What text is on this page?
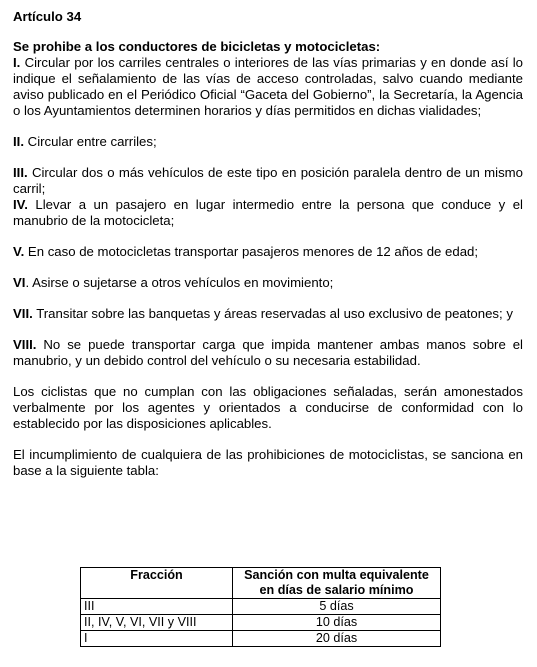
Artículo 34
Se prohibe a los conductores de bicicletas y motocicletas:

I. Circular por los carriles centrales o interiores de las vías primarias y en donde así lo indique el señalamiento de las vías de acceso controladas, salvo cuando mediante aviso publicado en el Periódico Oficial “Gaceta del Gobierno”, la Secretaría, la Agencia o los Ayuntamientos determinen horarios y días permitidos en dichas vialidades;

II. Circular entre carriles;

III. Circular dos o más vehículos de este tipo en posición paralela dentro de un mismo carril;

IV. Llevar a un pasajero en lugar intermedio entre la persona que conduce y el manubrio de la motocicleta;

V. En caso de motocicletas transportar pasajeros menores de 12 años de edad;

VI. Asirse o sujetarse a otros vehículos en movimiento;

VII. Transitar sobre las banquetas y áreas reservadas al uso exclusivo de peatones; y

VIII. No se puede transportar carga que impida mantener ambas manos sobre el manubrio, y un debido control del vehículo o su necesaria estabilidad.

Los ciclistas que no cumplan con las obligaciones señaladas, serán amonestados verbalmente por los agentes y orientados a conducirse de conformidad con lo establecido por las disposiciones aplicables.

El incumplimiento de cualquiera de las prohibiciones de motociclistas, se sanciona en base a la siguiente tabla:

Fracción	Sanción con multa equivalente
en días de salario mínimo

III	5 días
II, IV, V, VI, VII y VIII	10 días
I	20 días
